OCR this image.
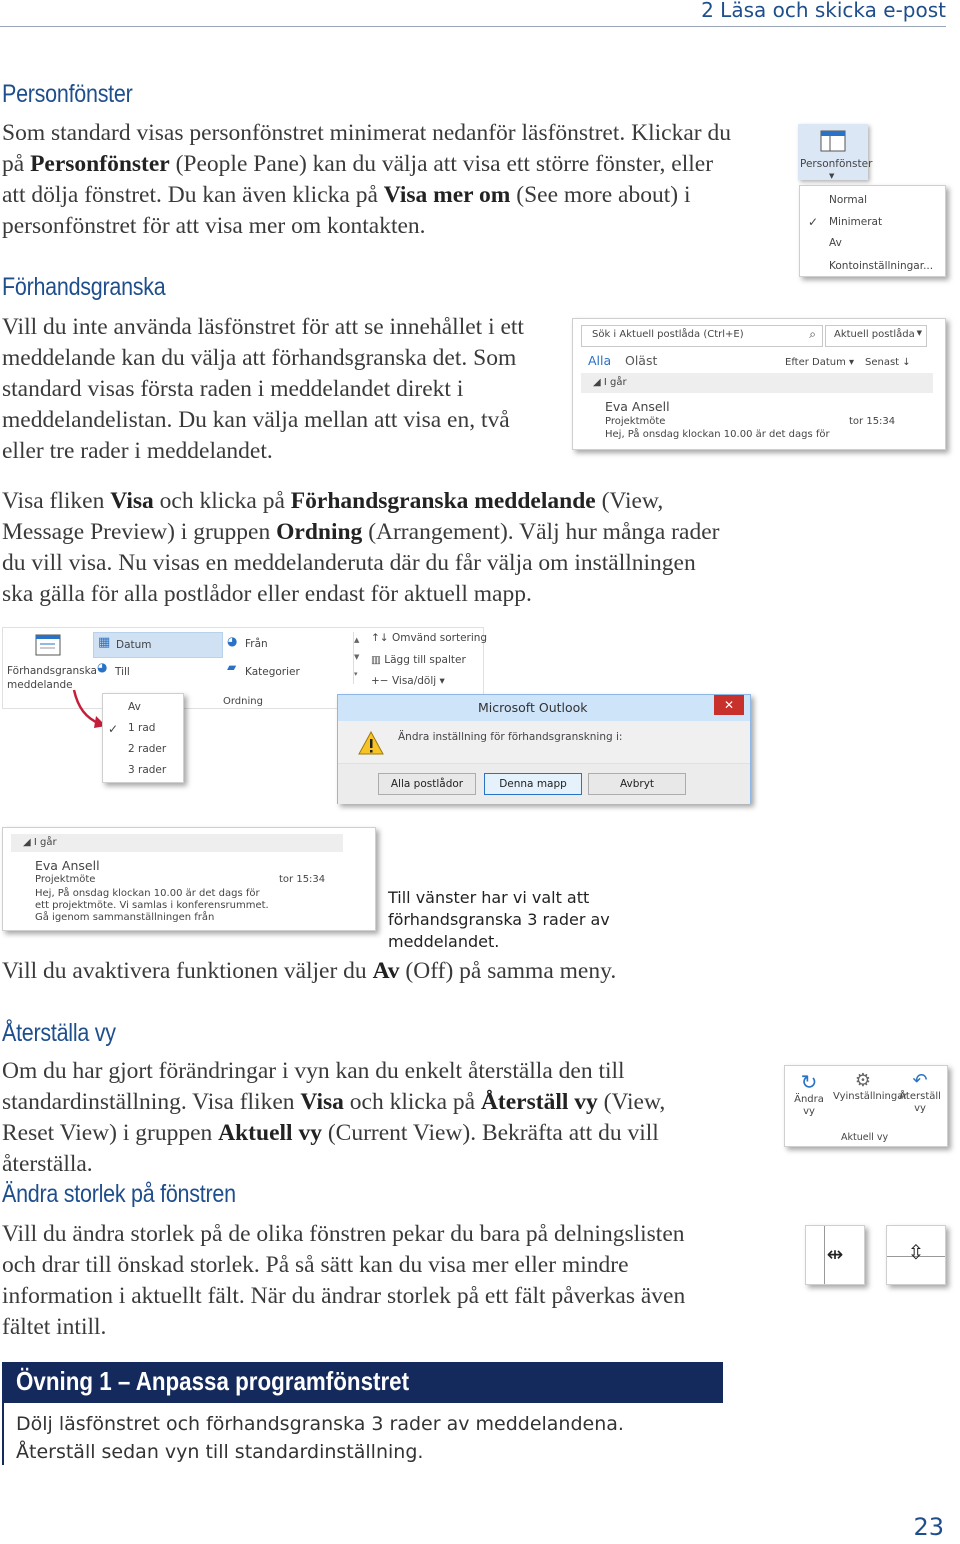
2 Läsa och skicka e-post
Personfönster

Som standard visas personfönstret minimerat nedanför läsfönstret. Klickar du på Personfönster (People Pane) kan du välja att visa ett större fönster, eller att dölja fönstret. Du kan även klicka på Visa mer om (See more about) i personfönstret för att visa mer om kontakten.

Personfönster
▼
Normal
✓ Minimerat
Av
Kontoinställningar...
Förhandsgranska

Vill du inte använda läsfönstret för att se innehållet i ett meddelande kan du välja att förhandsgranska det. Som standard visas första raden i meddelandet direkt i meddelandelistan. Du kan välja mellan att visa en, två eller tre rader i meddelandet.

Sök i Aktuell postlåda (Ctrl+E)	⌕ Aktuell postlåda ▼
Alla Oläst	Efter Datum ▾ Senast ↓
◢ I går
Eva Ansell
Projektmöte
Hej, På onsdag klockan 10.00 är det dags för
tor 15:34

Visa fliken Visa och klicka på Förhandsgranska meddelande (View, Message Preview) i gruppen Ordning (Arrangement). Välj hur många rader du vill visa. Nu visas en meddelanderuta där du får välja om inställningen ska gälla för alla postlådor eller endast för aktuell mapp.

Förhandsgranska meddelande
▦ Datum	◕ Från
◕ Till	▰ Kategorier
▲
▼
▾
Ordning
↑↓ Omvänd sortering
▥ Lägg till spalter
+− Visa/dölj ▾
Av
1 rad
✓
2 rader
3 rader
Microsoft Outlook	✕
Ändra inställning för förhandsgranskning i:
Alla postlådor	Denna mapp	Avbryt
◢ I går
Eva Ansell
Projektmöte	tor 15:34
Hej, På onsdag klockan 10.00 är det dags för
ett projektmöte. Vi samlas i konferensrummet.
Gå igenom sammanställningen från

Till vänster har vi valt att förhandsgranska 3 rader av meddelandet.

Vill du avaktivera funktionen väljer du Av (Off) på samma meny.

Återställa vy

Om du har gjort förändringar i vyn kan du enkelt återställa den till standardinställning. Visa fliken Visa och klicka på Återställ vy (View, Reset View) i gruppen Aktuell vy (Current View). Bekräfta att du vill återställa.

↻
Ändra vy
⚙
Vyinställningar
↶
Återställ vy
Aktuell vy
Ändra storlek på fönstren

Vill du ändra storlek på de olika fönstren pekar du bara på delningslisten och drar till önskad storlek. På så sätt kan du visa mer eller mindre information i aktuellt fält. När du ändrar storlek på ett fält påverkas även fältet intill.

⇹	⇳
Övning 1 – Anpassa programfönstret

Dölj läsfönstret och förhandsgranska 3 rader av meddelandena. Återställ sedan vyn till standardinställning.

23
